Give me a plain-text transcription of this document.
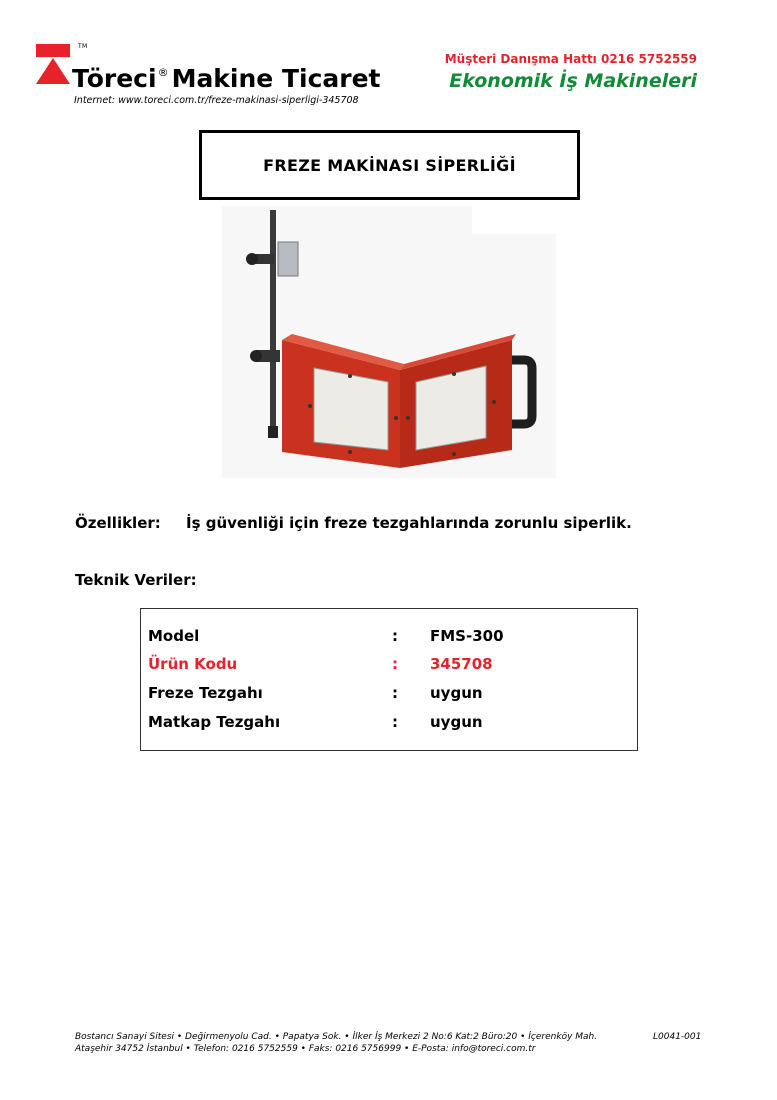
TM
Töreci® Makine Ticaret
Internet: www.toreci.com.tr/freze-makinasi-siperligi-345708
Müşteri Danışma Hattı 0216 5752559
Ekonomik İş Makineleri
FREZE MAKİNASI SİPERLİĞİ
Özellikler: İş güvenliği için freze tezgahlarında zorunlu siperlik.
Teknik Veriler:
Model	: FMS-300
Ürün Kodu	: 345708
Freze Tezgahı	: uygun
Matkap Tezgahı	: uygun
Bostancı Sanayi Sitesi • Değirmenyolu Cad. • Papatya Sok. • İlker İş Merkezi 2 No:6 Kat:2 Büro:20 • İçerenköy Mah.
Ataşehir 34752 İstanbul • Telefon: 0216 5752559 • Faks: 0216 5756999 • E-Posta: info@toreci.com.tr
L0041-001
